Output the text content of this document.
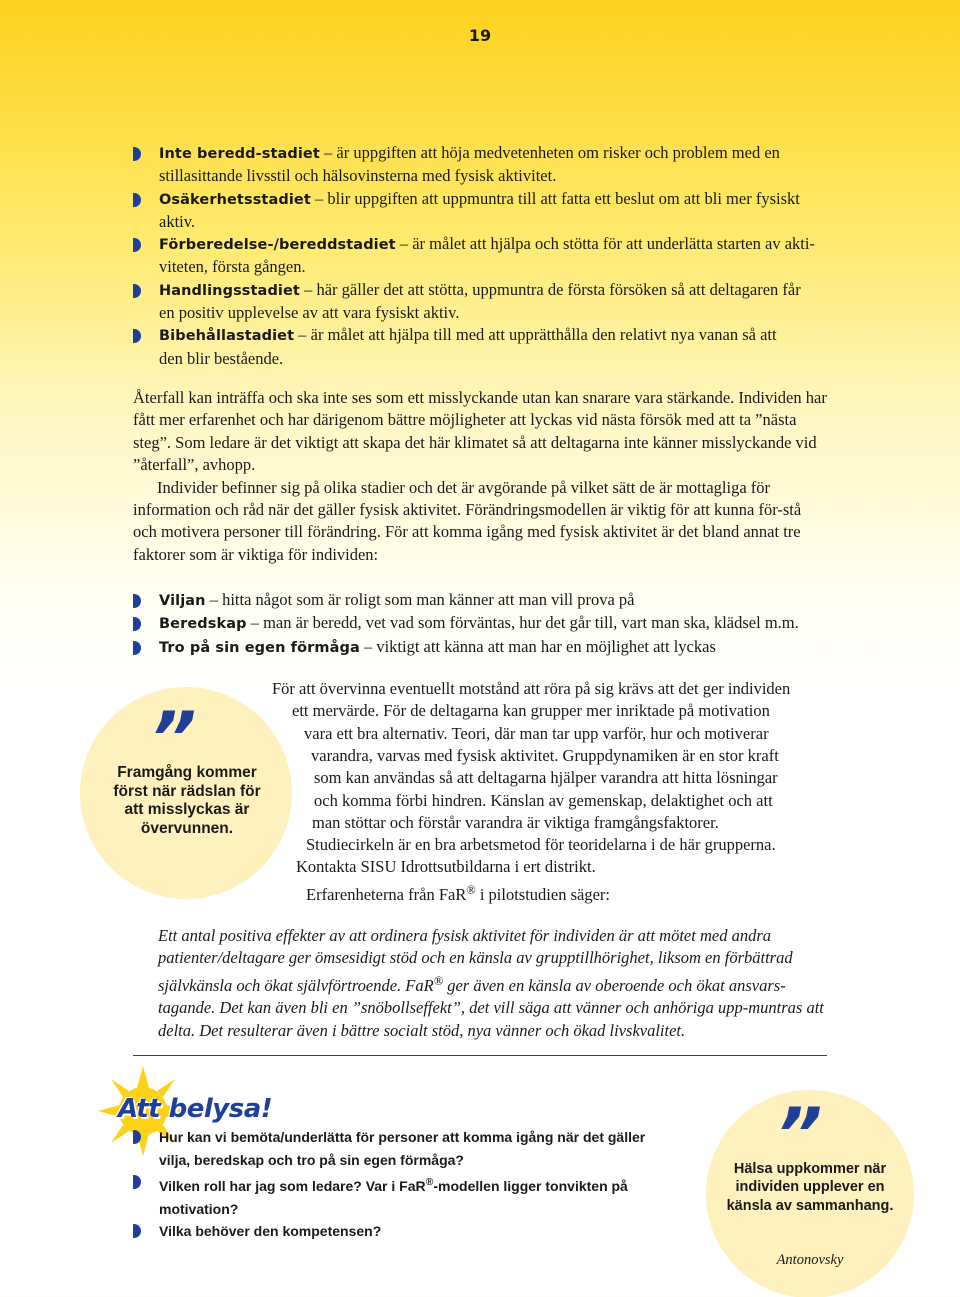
19
Inte beredd-stadiet – är uppgiften att höja medvetenheten om risker och problem med en
stillasittande livsstil och hälsovinsterna med fysisk aktivitet.
Osäkerhetsstadiet – blir uppgiften att uppmuntra till att fatta ett beslut om att bli mer fysiskt
aktiv.
Förberedelse-/bereddstadiet – är målet att hjälpa och stötta för att underlätta starten av akti-
viteten, första gången.
Handlingsstadiet – här gäller det att stötta, uppmuntra de första försöken så att deltagaren får
en positiv upplevelse av att vara fysiskt aktiv.
Bibehållastadiet – är målet att hjälpa till med att upprätthålla den relativt nya vanan så att
den blir bestående.

Återfall kan inträffa och ska inte ses som ett misslyckande utan kan snarare vara stärkande. Individen har fått mer erfarenhet och har därigenom bättre möjligheter att lyckas vid nästa försök med att ta ”nästa steg”. Som ledare är det viktigt att skapa det här klimatet så att deltagarna inte känner misslyckande vid ”återfall”, avhopp.

Individer befinner sig på olika stadier och det är avgörande på vilket sätt de är mottagliga för information och råd när det gäller fysisk aktivitet. Förändringsmodellen är viktig för att kunna för-stå och motivera personer till förändring. För att komma igång med fysisk aktivitet är det bland annat tre faktorer som är viktiga för individen:

Viljan – hitta något som är roligt som man känner att man vill prova på
Beredskap – man är beredd, vet vad som förväntas, hur det går till, vart man ska, klädsel m.m.
Tro på sin egen förmåga – viktigt att känna att man har en möjlighet att lyckas
”
Framgång kommer först när rädslan för att misslyckas är övervunnen.
För att övervinna eventuellt motstånd att röra på sig krävs att det ger individen
ett mervärde. För de deltagarna kan grupper mer inriktade på motivation
vara ett bra alternativ. Teori, där man tar upp varför, hur och motiverar
varandra, varvas med fysisk aktivitet. Gruppdynamiken är en stor kraft
som kan användas så att deltagarna hjälper varandra att hitta lösningar
och komma förbi hindren. Känslan av gemenskap, delaktighet och att
man stöttar och förstår varandra är viktiga framgångsfaktorer.
Studiecirkeln är en bra arbetsmetod för teoridelarna i de här grupperna.
Kontakta SISU Idrottsutbildarna i ert distrikt.
Erfarenheterna från FaR® i pilotstudien säger:
Ett antal positiva effekter av att ordinera fysisk aktivitet för individen är att mötet med andra patienter/deltagare ger ömsesidigt stöd och en känsla av grupptillhörighet, liksom en förbättrad självkänsla och ökat självförtroende. FaR® ger även en känsla av oberoende och ökat ansvars-tagande. Det kan även bli en ”snöbollseffekt”, det vill säga att vänner och anhöriga upp-muntras att delta. Det resulterar även i bättre socialt stöd, nya vänner och ökad livskvalitet.
Att belysa!
Hur kan vi bemöta/underlätta för personer att komma igång när det gäller
vilja, beredskap och tro på sin egen förmåga?
Vilken roll har jag som ledare? Var i FaR®-modellen ligger tonvikten på
motivation?
Vilka behöver den kompetensen?
”
Hälsa uppkommer när individen upplever en känsla av sammanhang.
Antonovsky
